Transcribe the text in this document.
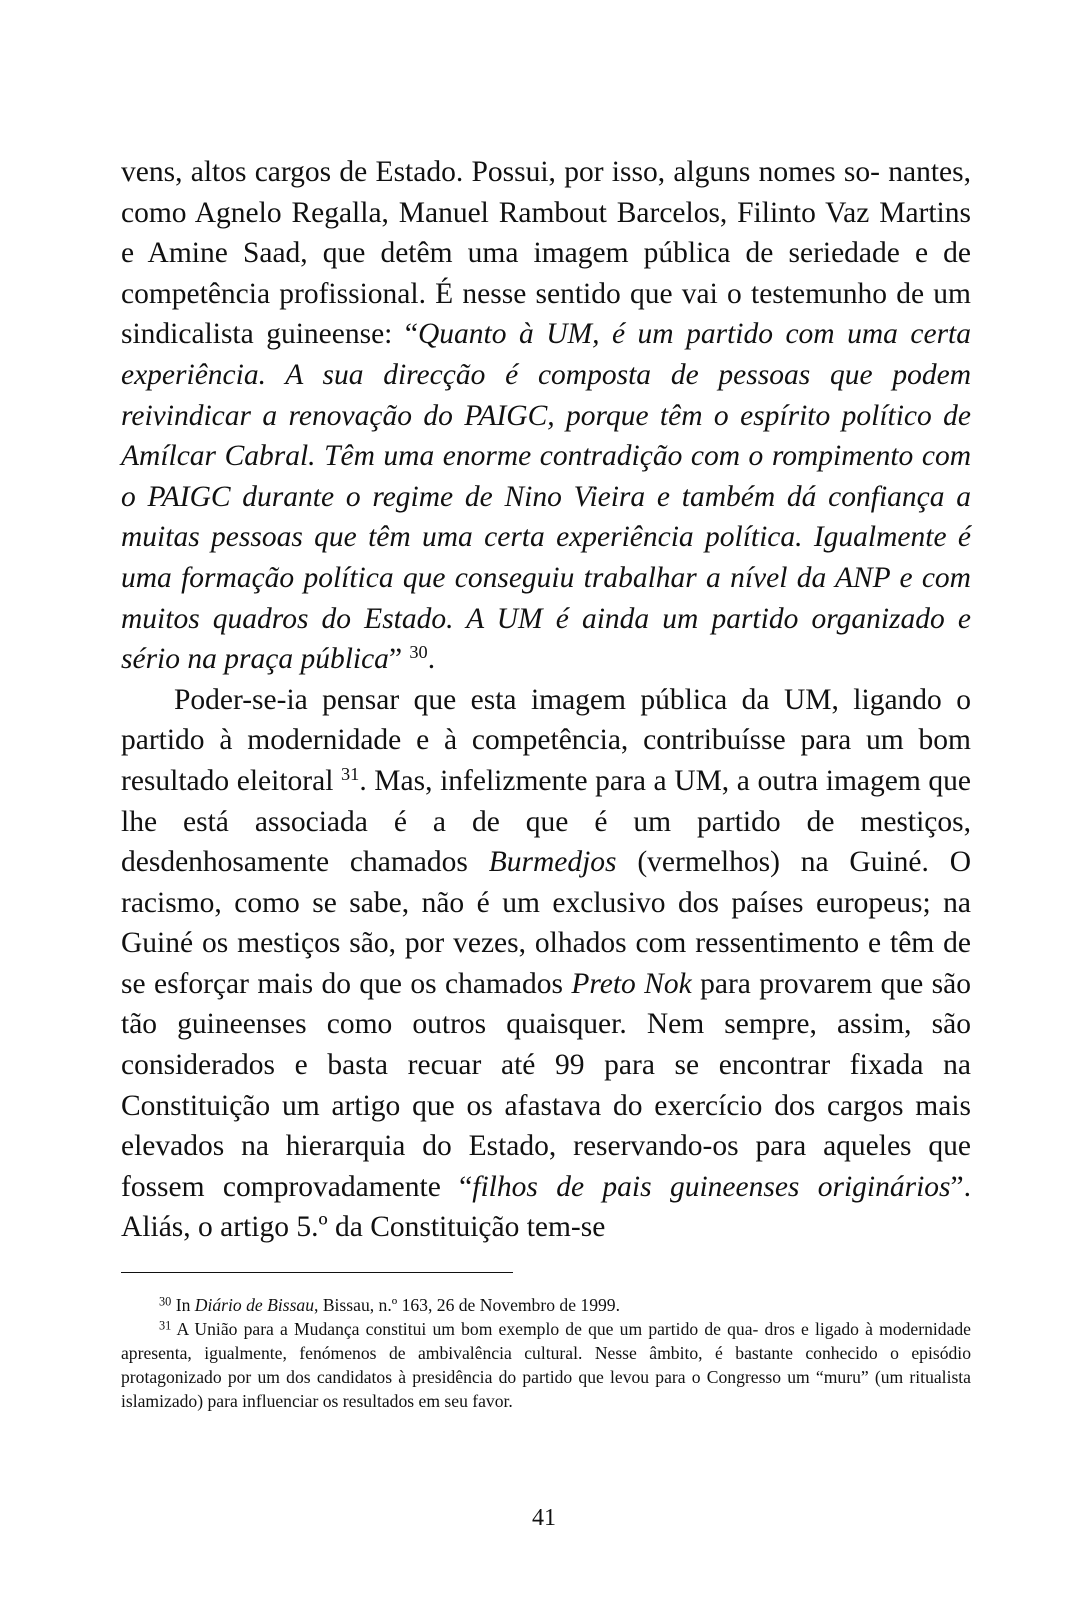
vens, altos cargos de Estado. Possui, por isso, alguns nomes so- nantes, como Agnelo Regalla, Manuel Rambout Barcelos, Filinto Vaz Martins e Amine Saad, que detêm uma imagem pública de seriedade e de competência profissional. É nesse sentido que vai o testemunho de um sindicalista guineense: “Quanto à UM, é um partido com uma certa experiência. A sua direcção é composta de pessoas que podem reivindicar a renovação do PAIGC, porque têm o espírito político de Amílcar Cabral. Têm uma enorme contradição com o rompimento com o PAIGC durante o regime de Nino Vieira e também dá confiança a muitas pessoas que têm uma certa experiência política. Igualmente é uma formação política que conseguiu trabalhar a nível da ANP e com muitos quadros do Estado. A UM é ainda um partido organizado e sério na praça pública” $^{30}$.

Poder-se-ia pensar que esta imagem pública da UM, ligando o partido à modernidade e à competência, contribuísse para um bom resultado eleitoral $^{31}$. Mas, infelizmente para a UM, a outra imagem que lhe está associada é a de que é um partido de mestiços, desdenhosamente chamados Burmedjos (vermelhos) na Guiné. O racismo, como se sabe, não é um exclusivo dos países europeus; na Guiné os mestiços são, por vezes, olhados com ressentimento e têm de se esforçar mais do que os chamados Preto Nok para provarem que são tão guineenses como outros quaisquer. Nem sempre, assim, são considerados e basta recuar até 99 para se encontrar fixada na Constituição um artigo que os afastava do exercício dos cargos mais elevados na hierarquia do Estado, reservando-os para aqueles que fossem comprovadamente “filhos de pais guineenses originários”. Aliás, o artigo 5.º da Constituição tem-se

$^{30}$ In Diário de Bissau, Bissau, n.º 163, 26 de Novembro de 1999.

$^{31}$ A União para a Mudança constitui um bom exemplo de que um partido de qua- dros e ligado à modernidade apresenta, igualmente, fenómenos de ambivalência cultural. Nesse âmbito, é bastante conhecido o episódio protagonizado por um dos candidatos à presidência do partido que levou para o Congresso um “muru” (um ritualista islamizado) para influenciar os resultados em seu favor.

41
